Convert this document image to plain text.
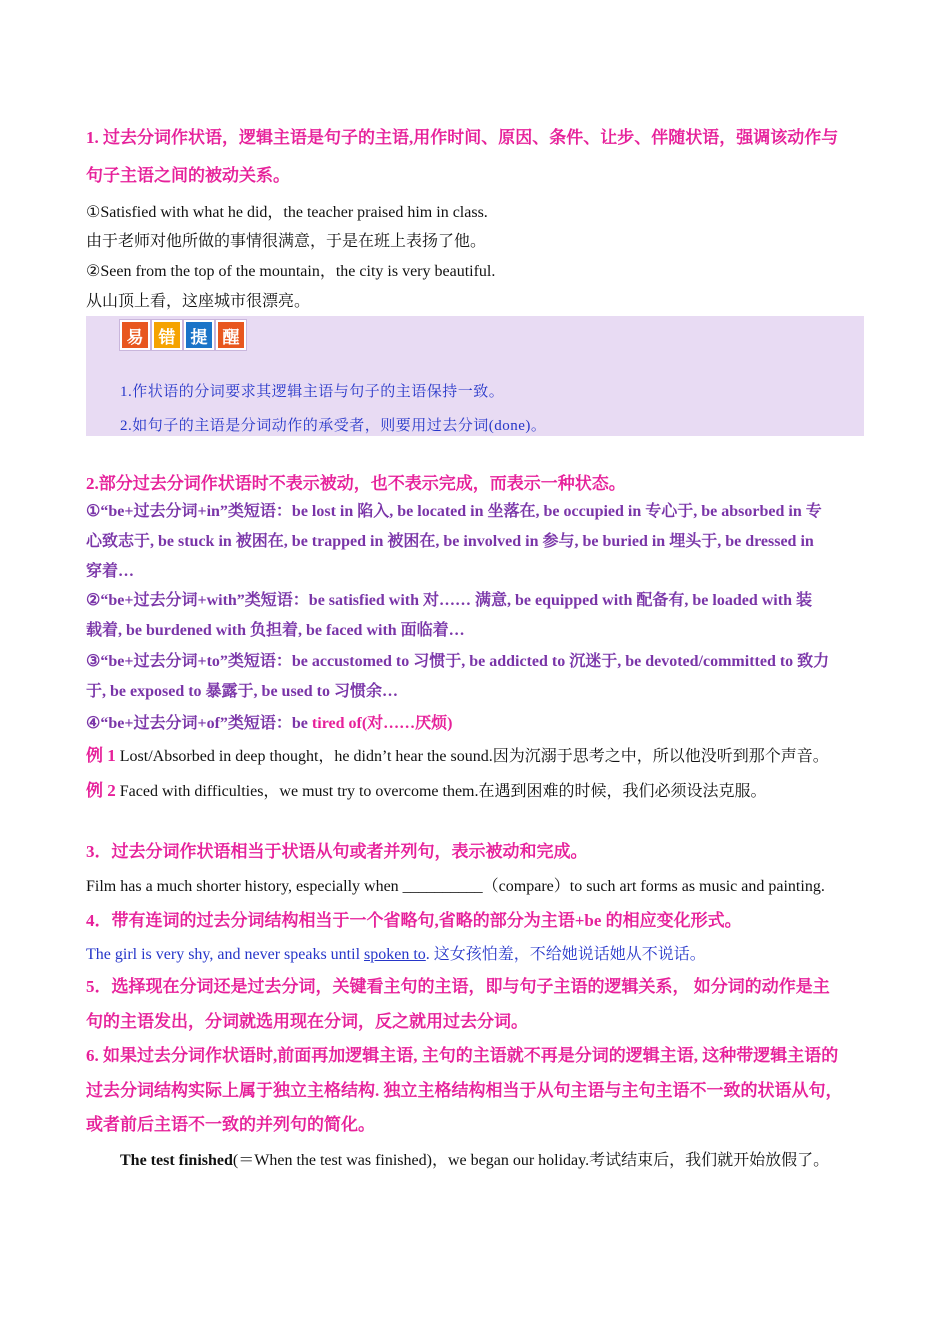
1. 过去分词作状语，逻辑主语是句子的主语,用作时间、原因、条件、让步、伴随状语，强调该动作与
句子主语之间的被动关系。
①Satisfied with what he did，the teacher praised him in class.
由于老师对他所做的事情很满意，于是在班上表扬了他。
②Seen from the top of the mountain，the city is very beautiful.
从山顶上看，这座城市很漂亮。
易 错 提 醒
1.作状语的分词要求其逻辑主语与句子的主语保持一致。
2.如句子的主语是分词动作的承受者，则要用过去分词(done)。
2.部分过去分词作状语时不表示被动，也不表示完成，而表示一种状态。
①“be+过去分词+in”类短语：be lost in 陷入, be located in 坐落在, be occupied in 专心于, be absorbed in 专
心致志于, be stuck in 被困在, be trapped in 被困在, be involved in 参与, be buried in 埋头于, be dressed in
穿着…
②“be+过去分词+with”类短语：be satisfied with 对…… 满意, be equipped with 配备有, be loaded with 装
载着, be burdened with 负担着, be faced with 面临着…
③“be+过去分词+to”类短语：be accustomed to 习惯于, be addicted to 沉迷于, be devoted/committed to 致力
于, be exposed to 暴露于, be used to 习惯余…
④“be+过去分词+of”类短语：be tired of(对……厌烦)
例 1 Lost/Absorbed in deep thought，he didn’t hear the sound.因为沉溺于思考之中，所以他没听到那个声音。
例 2 Faced with difficulties，we must try to overcome them.在遇到困难的时候，我们必须设法克服。
3．过去分词作状语相当于状语从句或者并列句，表示被动和完成。
Film has a much shorter history, especially when __________（compare）to such art forms as music and painting.
4．带有连词的过去分词结构相当于一个省略句,省略的部分为主语+be 的相应变化形式。
The girl is very shy, and never speaks until spoken to. 这女孩怕羞，不给她说话她从不说话。
5．选择现在分词还是过去分词，关键看主句的主语，即与句子主语的逻辑关系， 如分词的动作是主
句的主语发出，分词就选用现在分词，反之就用过去分词。
6. 如果过去分词作状语时,前面再加逻辑主语, 主句的主语就不再是分词的逻辑主语, 这种带逻辑主语的
过去分词结构实际上属于独立主格结构. 独立主格结构相当于从句主语与主句主语不一致的状语从句，
或者前后主语不一致的并列句的简化。
The test finished(＝When the test was finished)，we began our holiday.考试结束后，我们就开始放假了。
